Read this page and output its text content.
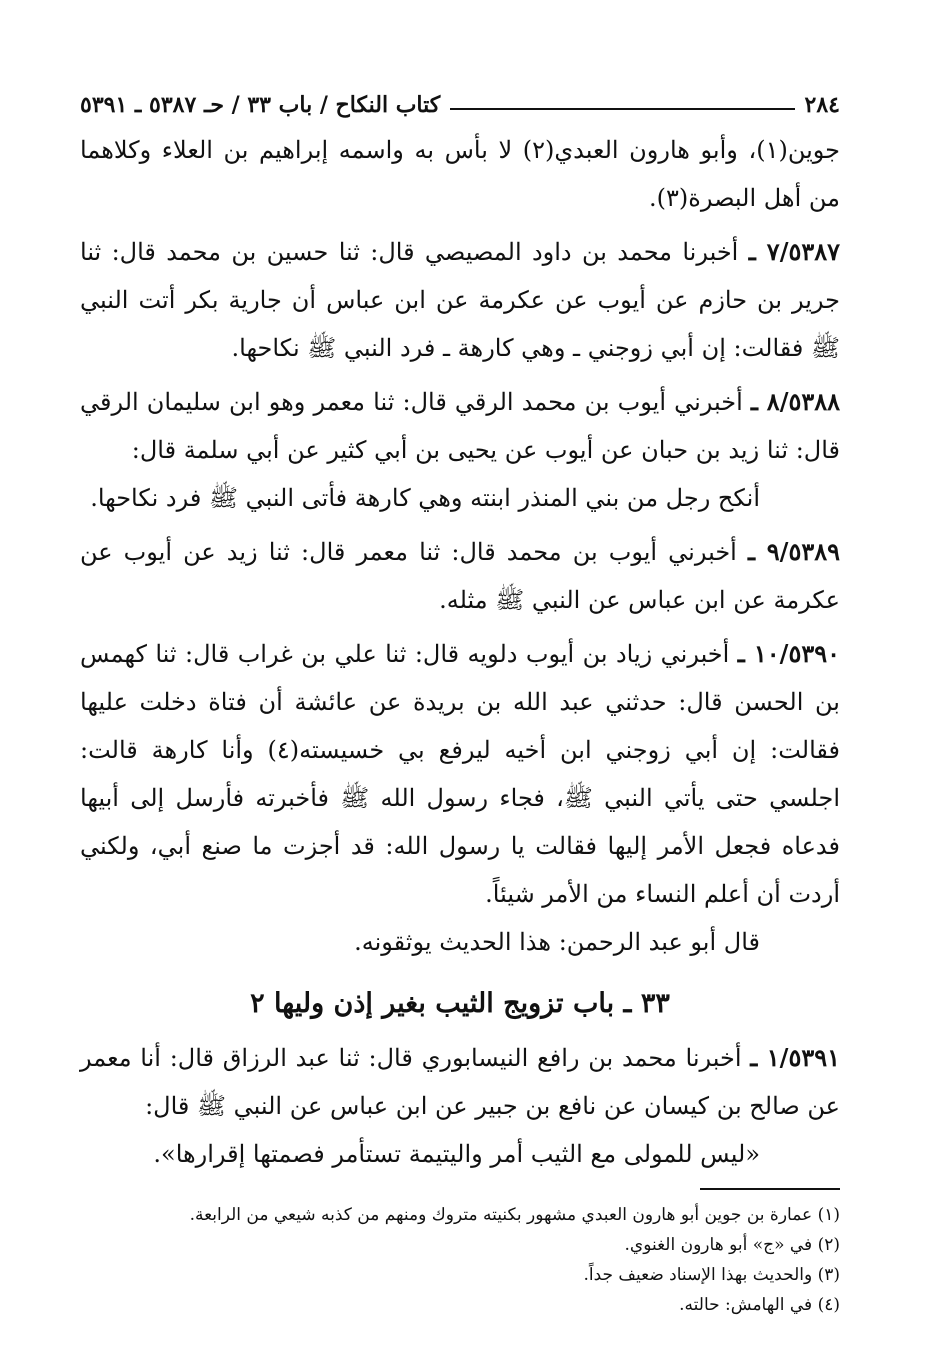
٢٨٤
كتاب النكاح / باب ٣٣ / حـ ٥٣٨٧ ـ ٥٣٩١

جوين(١)، وأبو هارون العبدي(٢) لا بأس به واسمه إبراهيم بن العلاء وكلاهما من أهل البصرة(٣).

٧/٥٣٨٧ ـ أخبرنا محمد بن داود المصيصي قال: ثنا حسين بن محمد قال: ثنا جرير بن حازم عن أيوب عن عكرمة عن ابن عباس أن جارية بكر أتت النبي ﷺ فقالت: إن أبي زوجني ـ وهي كارهة ـ فرد النبي ﷺ نكاحها.

٨/٥٣٨٨ ـ أخبرني أيوب بن محمد الرقي قال: ثنا معمر وهو ابن سليمان الرقي قال: ثنا زيد بن حبان عن أيوب عن يحيى بن أبي كثير عن أبي سلمة قال:

أنكح رجل من بني المنذر ابنته وهي كارهة فأتى النبي ﷺ فرد نكاحها.

٩/٥٣٨٩ ـ أخبرني أيوب بن محمد قال: ثنا معمر قال: ثنا زيد عن أيوب عن عكرمة عن ابن عباس عن النبي ﷺ مثله.

١٠/٥٣٩٠ ـ أخبرني زياد بن أيوب دلويه قال: ثنا علي بن غراب قال: ثنا كهمس بن الحسن قال: حدثني عبد الله بن بريدة عن عائشة أن فتاة دخلت عليها فقالت: إن أبي زوجني ابن أخيه ليرفع بي خسيسته(٤) وأنا كارهة قالت: اجلسي حتى يأتي النبي ﷺ، فجاء رسول الله ﷺ فأخبرته فأرسل إلى أبيها فدعاه فجعل الأمر إليها فقالت يا رسول الله: قد أجزت ما صنع أبي، ولكني أردت أن أعلم النساء من الأمر شيئاً.

قال أبو عبد الرحمن: هذا الحديث يوثقونه.

٣٣ ـ باب تزويج الثيب بغير إذن وليها ٢

١/٥٣٩١ ـ أخبرنا محمد بن رافع النيسابوري قال: ثنا عبد الرزاق قال: أنا معمر عن صالح بن كيسان عن نافع بن جبير عن ابن عباس عن النبي ﷺ قال:

«ليس للمولى مع الثيب أمر واليتيمة تستأمر فصمتها إقرارها».

(١) عمارة بن جوين أبو هارون العبدي مشهور بكنيته متروك ومنهم من كذبه شيعي من الرابعة.
(٢) في «ج» أبو هارون الغنوي.
(٣) والحديث بهذا الإسناد ضعيف جداً.
(٤) في الهامش: حالته.
